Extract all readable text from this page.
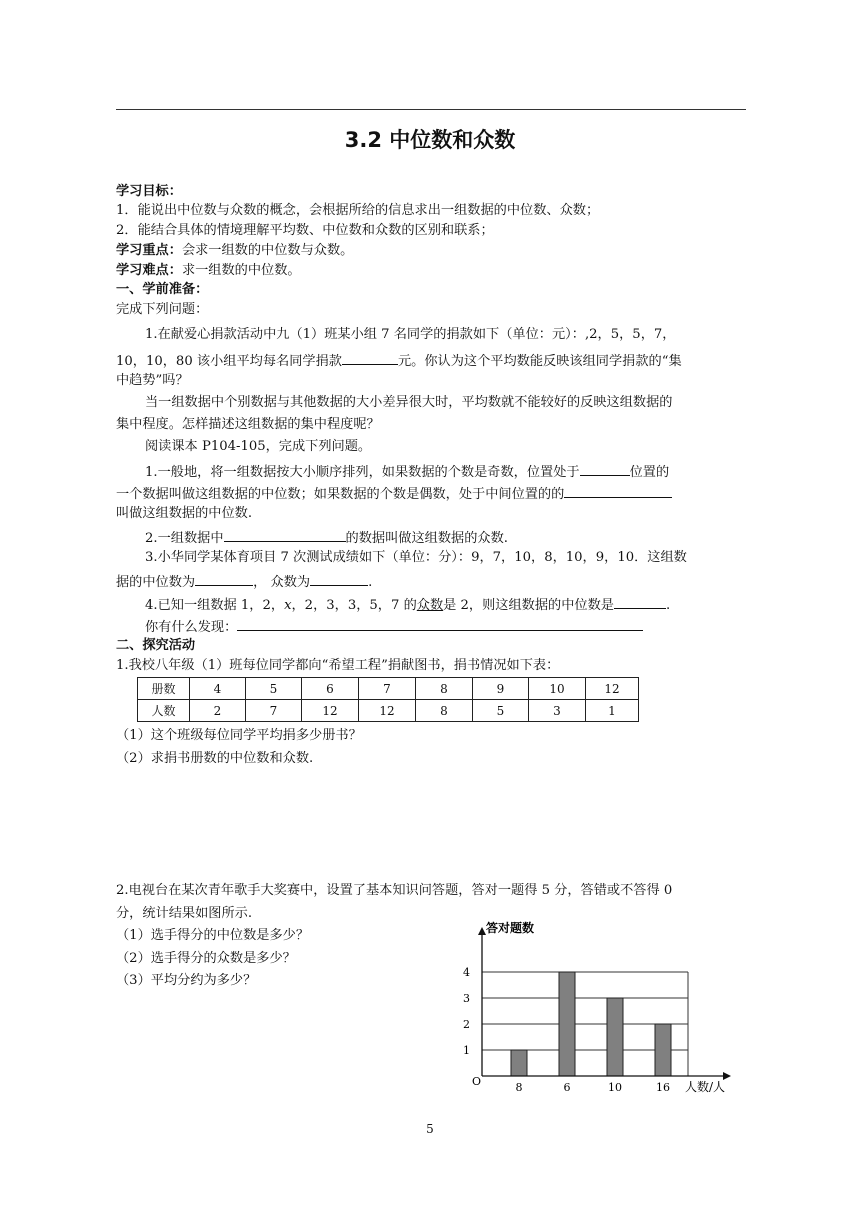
3.2 中位数和众数
学习目标：
1．能说出中位数与众数的概念，会根据所给的信息求出一组数据的中位数、众数；
2．能结合具体的情境理解平均数、中位数和众数的区别和联系；
学习重点：会求一组数的中位数与众数。
学习难点：求一组数的中位数。
一、学前准备：
完成下列问题：
1.在献爱心捐款活动中九（1）班某小组 7 名同学的捐款如下（单位：元）：,2，5，5，7，
10，10，80 该小组平均每名同学捐款	元。你认为这个平均数能反映该组同学捐款的“集
中趋势”吗？
当一组数据中个别数据与其他数据的大小差异很大时，平均数就不能较好的反映这组数据的
集中程度。怎样描述这组数据的集中程度呢？
阅读课本 P104-105，完成下列问题。
1.一般地，将一组数据按大小顺序排列，如果数据的个数是奇数，位置处于	位置的
一个数据叫做这组数据的中位数；如果数据的个数是偶数，处于中间位置的的
叫做这组数据的中位数.
2.一组数据中	的数据叫做这组数据的众数.
3.小华同学某体育项目 7 次测试成绩如下（单位：分）：9，7，10，8，10，9，10．这组数
据的中位数为	， 众数为	.
4.已知一组数据 1，2，x，2，3，3，5，7 的众数是 2，则这组数据的中位数是	.
你有什么发现：
二、探究活动
1.我校八年级（1）班每位同学都向“希望工程”捐献图书，捐书情况如下表：
册数	4	5	6	7	8	9	10	12
人数	2	7	12	12	8	5	3	1
（1）这个班级每位同学平均捐多少册书？
（2）求捐书册数的中位数和众数.
2.电视台在某次青年歌手大奖赛中，设置了基本知识问答题，答对一题得 5 分，答错或不答得 0
分，统计结果如图所示.
（1）选手得分的中位数是多少？
（2）选手得分的众数是多少？
（3）平均分约为多少？
1
2
3
4
8	6	10	16
答对题数
人数/人
O
5
